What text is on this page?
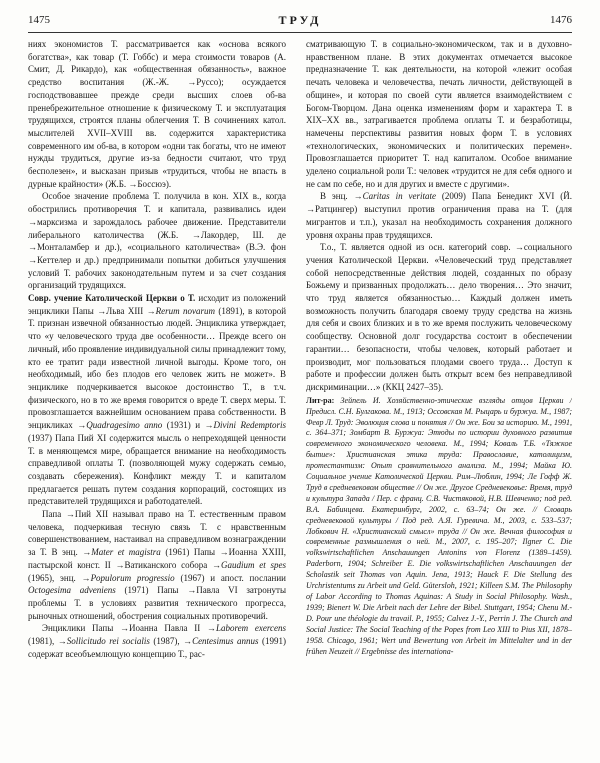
1475	ТРУД	1476

ниях экономистов Т. рассматривается как «основа всякого богатства», как товар (Т. Гоббс) и мера стоимости товаров (А. Смит, Д. Рикардо), как «общественная обязанность», важное средство воспитания (Ж.-Ж. →Руссо); осуждается господствовавшее прежде среди высших слоев об-ва пренебрежительное отношение к физическому Т. и эксплуатация трудящихся, строятся планы облегчения Т. В сочинениях катол. мыслителей XVII–XVIII вв. содержится характеристика современного им об-ва, в котором «одни так богаты, что не имеют нужды трудиться, другие из-за бедности считают, что труд бесполезен», и высказан призыв «трудиться, чтобы не впасть в дурные крайности» (Ж.Б. →Боссюэ).

Особое значение проблема Т. получила в кон. XIX в., когда обострились противоречия Т. и капитала, развивались идеи →марксизма и зарождалось рабочее движение. Представители либерального католичества (Ж.Б. →Лакордер, Ш. де →Монталамбер и др.), «социального католичества» (В.Э. фон →Кеттелер и др.) предпринимали попытки добиться улучшения условий Т. рабочих законодательным путем и за счет создания организаций трудящихся.

Совр. учение Католической Церкви о Т. исходит из положений энциклики Папы →Льва XIII →Rerum novarum (1891), в которой Т. признан извечной обязанностью людей. Энциклика утверждает, что «у человеческого труда две особенности… Прежде всего он личный, ибо проявление индивидуальной силы принадлежит тому, кто ее тратит ради известной личной выгоды. Кроме того, он необходимый, ибо без плодов его человек жить не может». В энциклике подчеркивается высокое достоинство Т., в т.ч. физического, но в то же время говорится о вреде Т. сверх меры. Т. провозглашается важнейшим основанием права собственности. В энцикликах →Quadragesimo anno (1931) и →Divini Redemptoris (1937) Папа Пий XI содержится мысль о непреходящей ценности Т. в меняющемся мире, обращается внимание на необходимость справедливой оплаты Т. (позволяющей мужу содержать семью, создавать сбережения). Конфликт между Т. и капиталом предлагается решать путем создания корпораций, состоящих из представителей трудящихся и работодателей.

Папа →Пий XII называл право на Т. естественным правом человека, подчеркивая тесную связь Т. с нравственным совершенствованием, настаивал на справедливом вознаграждении за Т. В энц. →Mater et magistra (1961) Папы →Иоанна XXIII, пастырской конст. II →Ватиканского собора →Gaudium et spes (1965), энц. →Populorum progressio (1967) и апост. послании Octogesima adveniens (1971) Папы →Павла VI затронуты проблемы Т. в условиях развития технического прогресса, рыночных отношений, обострения социальных противоречий.

Энциклики Папы →Иоанна Павла II →Laborem exercens (1981), →Sollicitudo rei socialis (1987), →Centesimus annus (1991) содержат всеобъемлющую концепцию Т., рас-

сматривающую Т. в социально-экономическом, так и в духовно-нравственном плане. В этих документах отмечается высокое предназначение Т. как деятельности, на которой «лежит особая печать человека и человечества, печать личности, действующей в общине», и которая по своей сути является взаимодействием с Богом-Творцом. Дана оценка изменениям форм и характера Т. в XIX–XX вв., затрагивается проблема оплаты Т. и безработицы, намечены перспективы развития новых форм Т. в условиях «технологических, экономических и политических перемен». Провозглашается приоритет Т. над капиталом. Особое внимание уделено социальной роли Т.: человек «трудится не для себя одного и не сам по себе, но и для других и вместе с другими».

В энц. →Caritas in veritate (2009) Папа Бенедикт XVI (Й. →Ратцингер) выступил против ограничения права на Т. (для мигрантов и т.п.), указал на необходимость сохранения должного уровня охраны прав трудящихся.

Т.о., Т. является одной из осн. категорий совр. →социального учения Католической Церкви. «Человеческий труд представляет собой непосредственные действия людей, созданных по образу Божьему и призванных продолжать… дело творения… Это значит, что труд является обязанностью… Каждый должен иметь возможность получить благодаря своему труду средства на жизнь для себя и своих близких и в то же время послужить человеческому сообществу. Основной долг государства состоит в обеспечении гарантии… безопасности, чтобы человек, который работает и производит, мог пользоваться плодами своего труда… Доступ к работе и профессии должен быть открыт всем без неправедливой дискриминации…» (ККЦ 2427–35).

Лит-ра: Зейпель И. Хозяйственно-этические взгляды отцов Церкви / Предисл. С.Н. Булгакова. М., 1913; Оссовская М. Рыцарь и буржуа. М., 1987; Февр Л. Труд: Эволюция слова и понятия // Он же. Бои за историю. М., 1991, с. 364–371; Зомбарт В. Буржуа: Этюды по истории духовного развития современного экономического человека. М., 1994; Коваль Т.Б. «Тяжкое бытие»: Христианская этика труда: Православие, католицизм, протестантизм: Опыт сравнительного анализа. М., 1994; Майка Ю. Социальное учение Католической Церкви. Рим–Люблин, 1994; Ле Гофф Ж. Труд в средневековом обществе // Он же. Другое Средневековье: Время, труд и культура Запада / Пер. с франц. С.В. Чистяковой, Н.В. Шевченко; под ред. В.А. Бабинцева. Екатеринбург, 2002, с. 63–74; Он же. // Словарь средневековой культуры / Под ред. А.Я. Гуревича. М., 2003, с. 533–537; Лобкович Н. «Христианский смысл» труда // Он же. Вечная философия и современные размышления о ней. М., 2007, с. 195–207; Ilgner C. Die volkswirtschaftlichen Anschauungen Antonins von Florenz (1389–1459). Paderborn, 1904; Schreiber E. Die volkswirtschaftlichen Anschauungen der Scholastik seit Thomas von Aquin. Jena, 1913; Hauck F. Die Stellung des Urchristentums zu Arbeit und Geld. Gütersloh, 1921; Killeen S.M. The Philosophy of Labor According to Thomas Aquinas: A Study in Social Philosophy. Wash., 1939; Bienert W. Die Arbeit nach der Lehre der Bibel. Stuttgart, 1954; Chenu M.-D. Pour une théologie du travail. P., 1955; Calvez J.-Y., Perrin J. The Church and Social Justice: The Social Teaching of the Popes from Leo XIII to Pius XII, 1878–1958. Chicago, 1961; Wert und Bewertung von Arbeit im Mittelalter und in der frühen Neuzeit // Ergebnisse des internationa-
